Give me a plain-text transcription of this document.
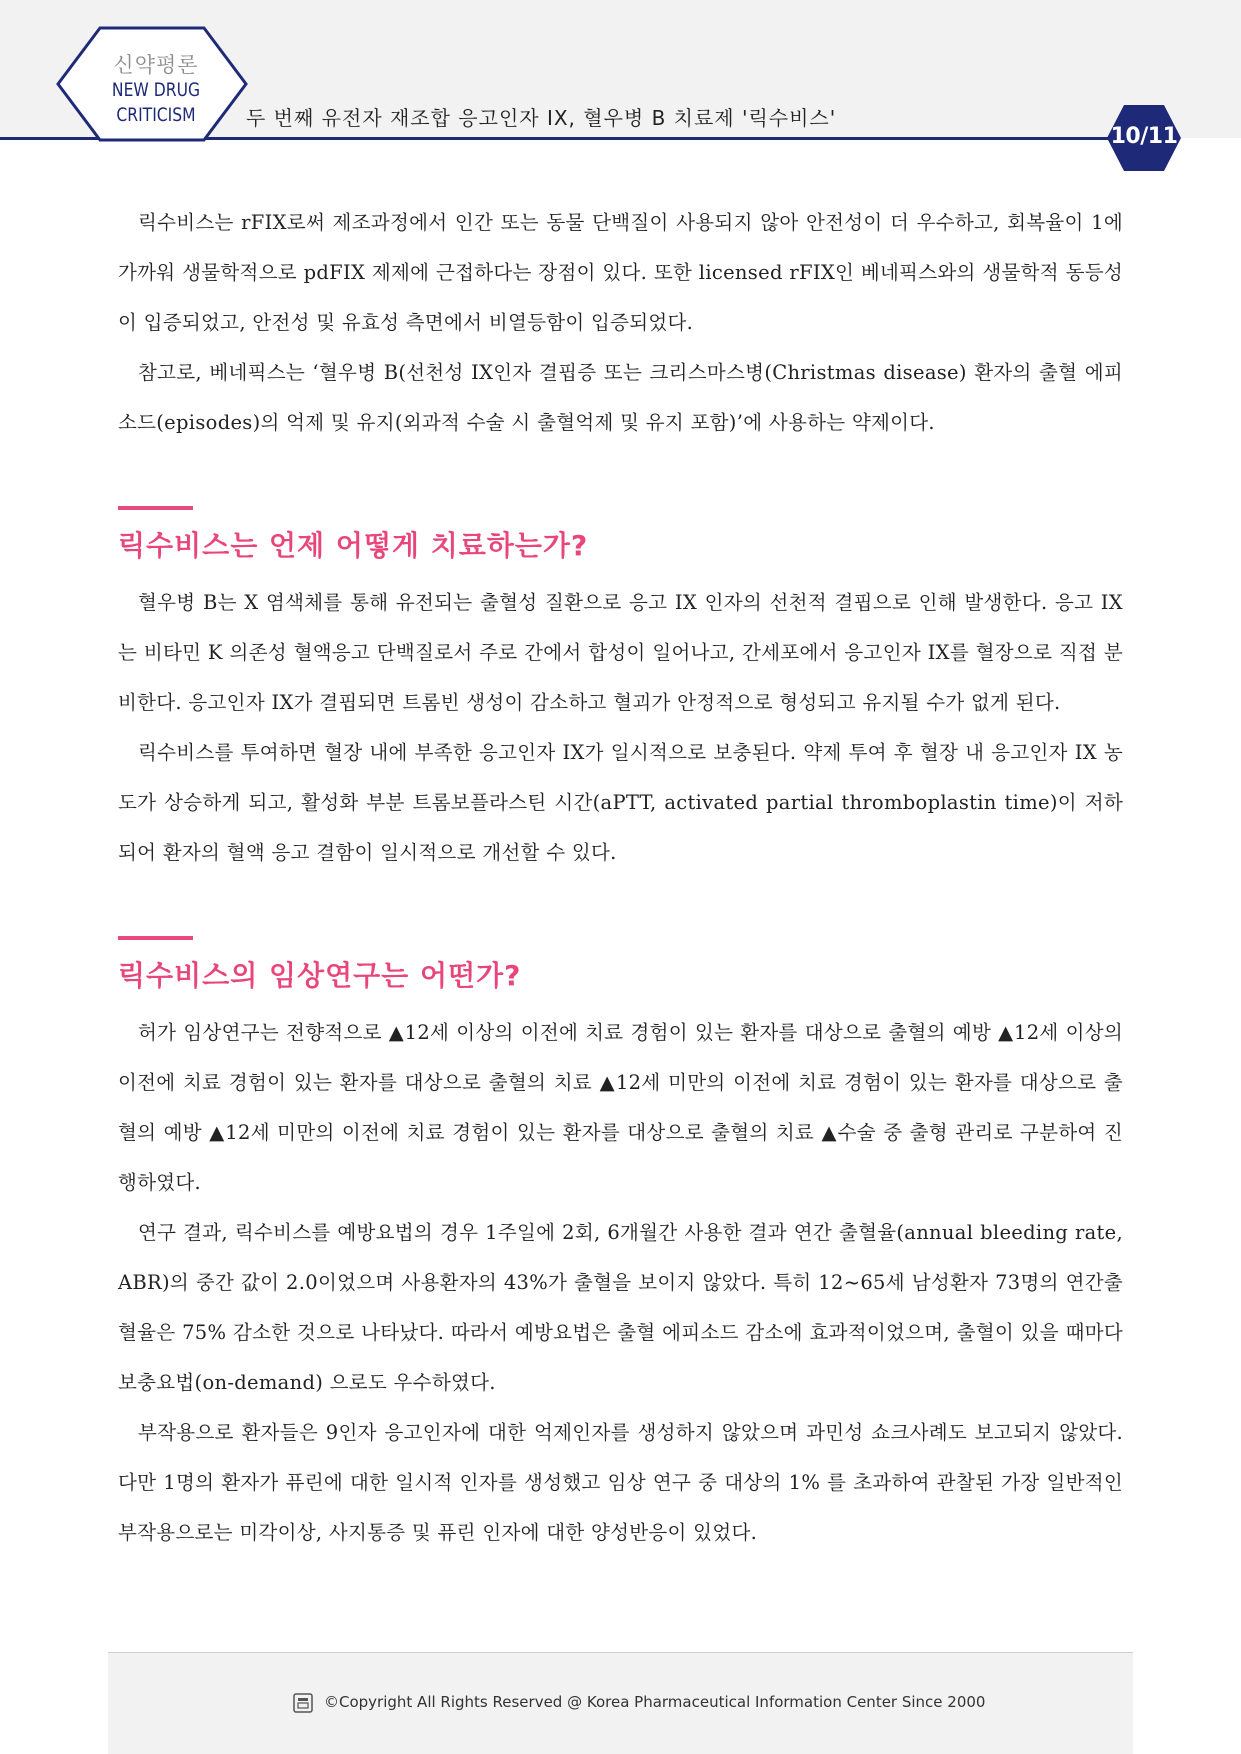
신약평론
NEW DRUG
CRITICISM	두 번째 유전자 재조합 응고인자 IX, 혈우병 B 치료제 '릭수비스'
10/11

릭수비스는 rFIX로써 제조과정에서 인간 또는 동물 단백질이 사용되지 않아 안전성이 더 우수하고, 회복율이 1에 가까워 생물학적으로 pdFIX 제제에 근접하다는 장점이 있다. 또한 licensed rFIX인 베네픽스와의 생물학적 동등성이 입증되었고, 안전성 및 유효성 측면에서 비열등함이 입증되었다.

참고로, 베네픽스는 ‘혈우병 B(선천성 IX인자 결핍증 또는 크리스마스병(Christmas disease) 환자의 출혈 에피소드(episodes)의 억제 및 유지(외과적 수술 시 출혈억제 및 유지 포함)’에 사용하는 약제이다.

릭수비스는 언제 어떻게 치료하는가?

혈우병 B는 X 염색체를 통해 유전되는 출혈성 질환으로 응고 IX 인자의 선천적 결핍으로 인해 발생한다. 응고 IX는 비타민 K 의존성 혈액응고 단백질로서 주로 간에서 합성이 일어나고, 간세포에서 응고인자 IX를 혈장으로 직접 분비한다. 응고인자 IX가 결핍되면 트롬빈 생성이 감소하고 혈괴가 안정적으로 형성되고 유지될 수가 없게 된다.

릭수비스를 투여하면 혈장 내에 부족한 응고인자 IX가 일시적으로 보충된다. 약제 투여 후 혈장 내 응고인자 IX 농도가 상승하게 되고, 활성화 부분 트롬보플라스틴 시간(aPTT, activated partial thromboplastin time)이 저하되어 환자의 혈액 응고 결함이 일시적으로 개선할 수 있다.

릭수비스의 임상연구는 어떤가?

허가 임상연구는 전향적으로 ▲12세 이상의 이전에 치료 경험이 있는 환자를 대상으로 출혈의 예방 ▲12세 이상의 이전에 치료 경험이 있는 환자를 대상으로 출혈의 치료 ▲12세 미만의 이전에 치료 경험이 있는 환자를 대상으로 출혈의 예방 ▲12세 미만의 이전에 치료 경험이 있는 환자를 대상으로 출혈의 치료 ▲수술 중 출형 관리로 구분하여 진행하였다.

연구 결과, 릭수비스를 예방요법의 경우 1주일에 2회, 6개월간 사용한 결과 연간 출혈율(annual bleeding rate, ABR)의 중간 값이 2.0이었으며 사용환자의 43%가 출혈을 보이지 않았다. 특히 12~65세 남성환자 73명의 연간출혈율은 75% 감소한 것으로 나타났다. 따라서 예방요법은 출혈 에피소드 감소에 효과적이었으며, 출혈이 있을 때마다 보충요법(on-demand) 으로도 우수하였다.

부작용으로 환자들은 9인자 응고인자에 대한 억제인자를 생성하지 않았으며 과민성 쇼크사례도 보고되지 않았다. 다만 1명의 환자가 퓨린에 대한 일시적 인자를 생성했고 임상 연구 중 대상의 1% 를 초과하여 관찰된 가장 일반적인 부작용으로는 미각이상, 사지통증 및 퓨린 인자에 대한 양성반응이 있었다.

©Copyright All Rights Reserved @ Korea Pharmaceutical Information Center Since 2000
